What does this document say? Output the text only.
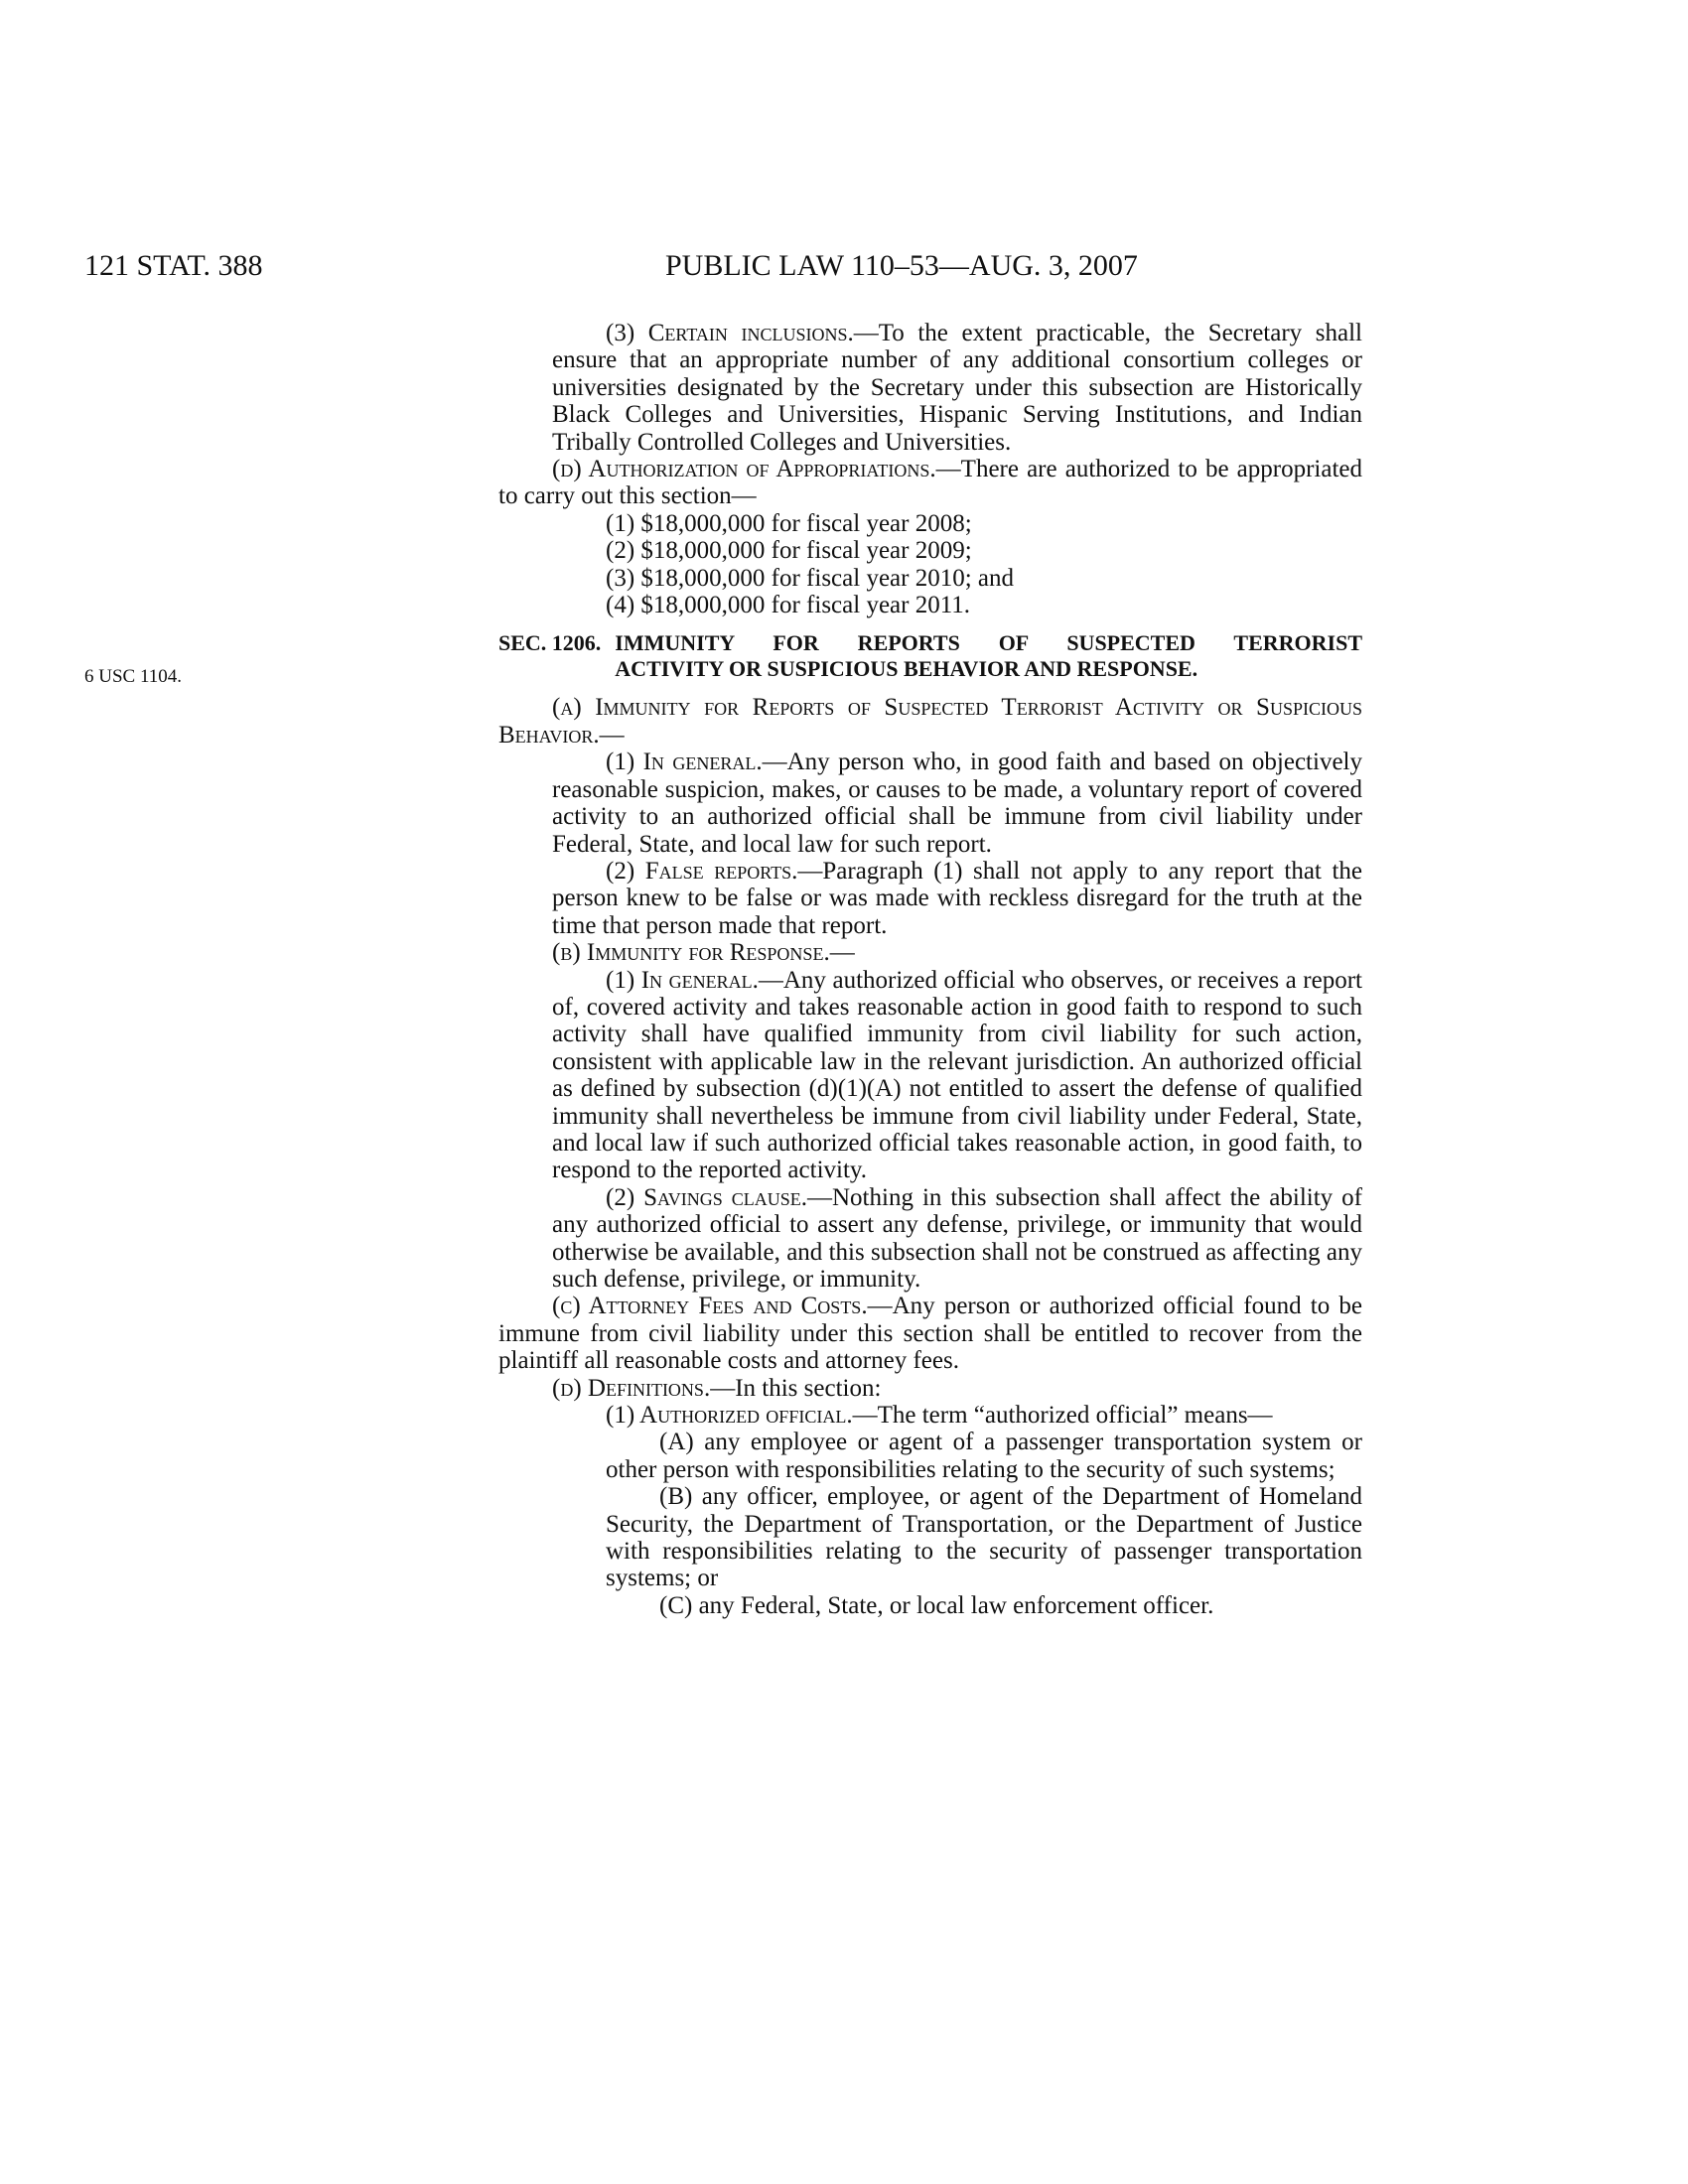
121 STAT. 388	PUBLIC LAW 110–53—AUG. 3, 2007
6 USC 1104.

(3) Certain inclusions.—To the extent practicable, the Secretary shall ensure that an appropriate number of any additional consortium colleges or universities designated by the Secretary under this subsection are Historically Black Colleges and Universities, Hispanic Serving Institutions, and Indian Tribally Controlled Colleges and Universities.

(d) Authorization of Appropriations.—There are authorized to be appropriated to carry out this section—

(1) $18,000,000 for fiscal year 2008;

(2) $18,000,000 for fiscal year 2009;

(3) $18,000,000 for fiscal year 2010; and

(4) $18,000,000 for fiscal year 2011.

SEC. 1206. IMMUNITY FOR REPORTS OF SUSPECTED TERRORIST
ACTIVITY OR SUSPICIOUS BEHAVIOR AND RESPONSE.

(a) Immunity for Reports of Suspected Terrorist Activity or Suspicious Behavior.—

(1) In general.—Any person who, in good faith and based on objectively reasonable suspicion, makes, or causes to be made, a voluntary report of covered activity to an authorized official shall be immune from civil liability under Federal, State, and local law for such report.

(2) False reports.—Paragraph (1) shall not apply to any report that the person knew to be false or was made with reckless disregard for the truth at the time that person made that report.

(b) Immunity for Response.—

(1) In general.—Any authorized official who observes, or receives a report of, covered activity and takes reasonable action in good faith to respond to such activity shall have qualified immunity from civil liability for such action, consistent with applicable law in the relevant jurisdiction. An authorized official as defined by subsection (d)(1)(A) not entitled to assert the defense of qualified immunity shall nevertheless be immune from civil liability under Federal, State, and local law if such authorized official takes reasonable action, in good faith, to respond to the reported activity.

(2) Savings clause.—Nothing in this subsection shall affect the ability of any authorized official to assert any defense, privilege, or immunity that would otherwise be available, and this subsection shall not be construed as affecting any such defense, privilege, or immunity.

(c) Attorney Fees and Costs.—Any person or authorized official found to be immune from civil liability under this section shall be entitled to recover from the plaintiff all reasonable costs and attorney fees.

(d) Definitions.—In this section:

(1) Authorized official.—The term “authorized official” means—

(A) any employee or agent of a passenger transportation system or other person with responsibilities relating to the security of such systems;

(B) any officer, employee, or agent of the Department of Homeland Security, the Department of Transportation, or the Department of Justice with responsibilities relating to the security of passenger transportation systems; or

(C) any Federal, State, or local law enforcement officer.
